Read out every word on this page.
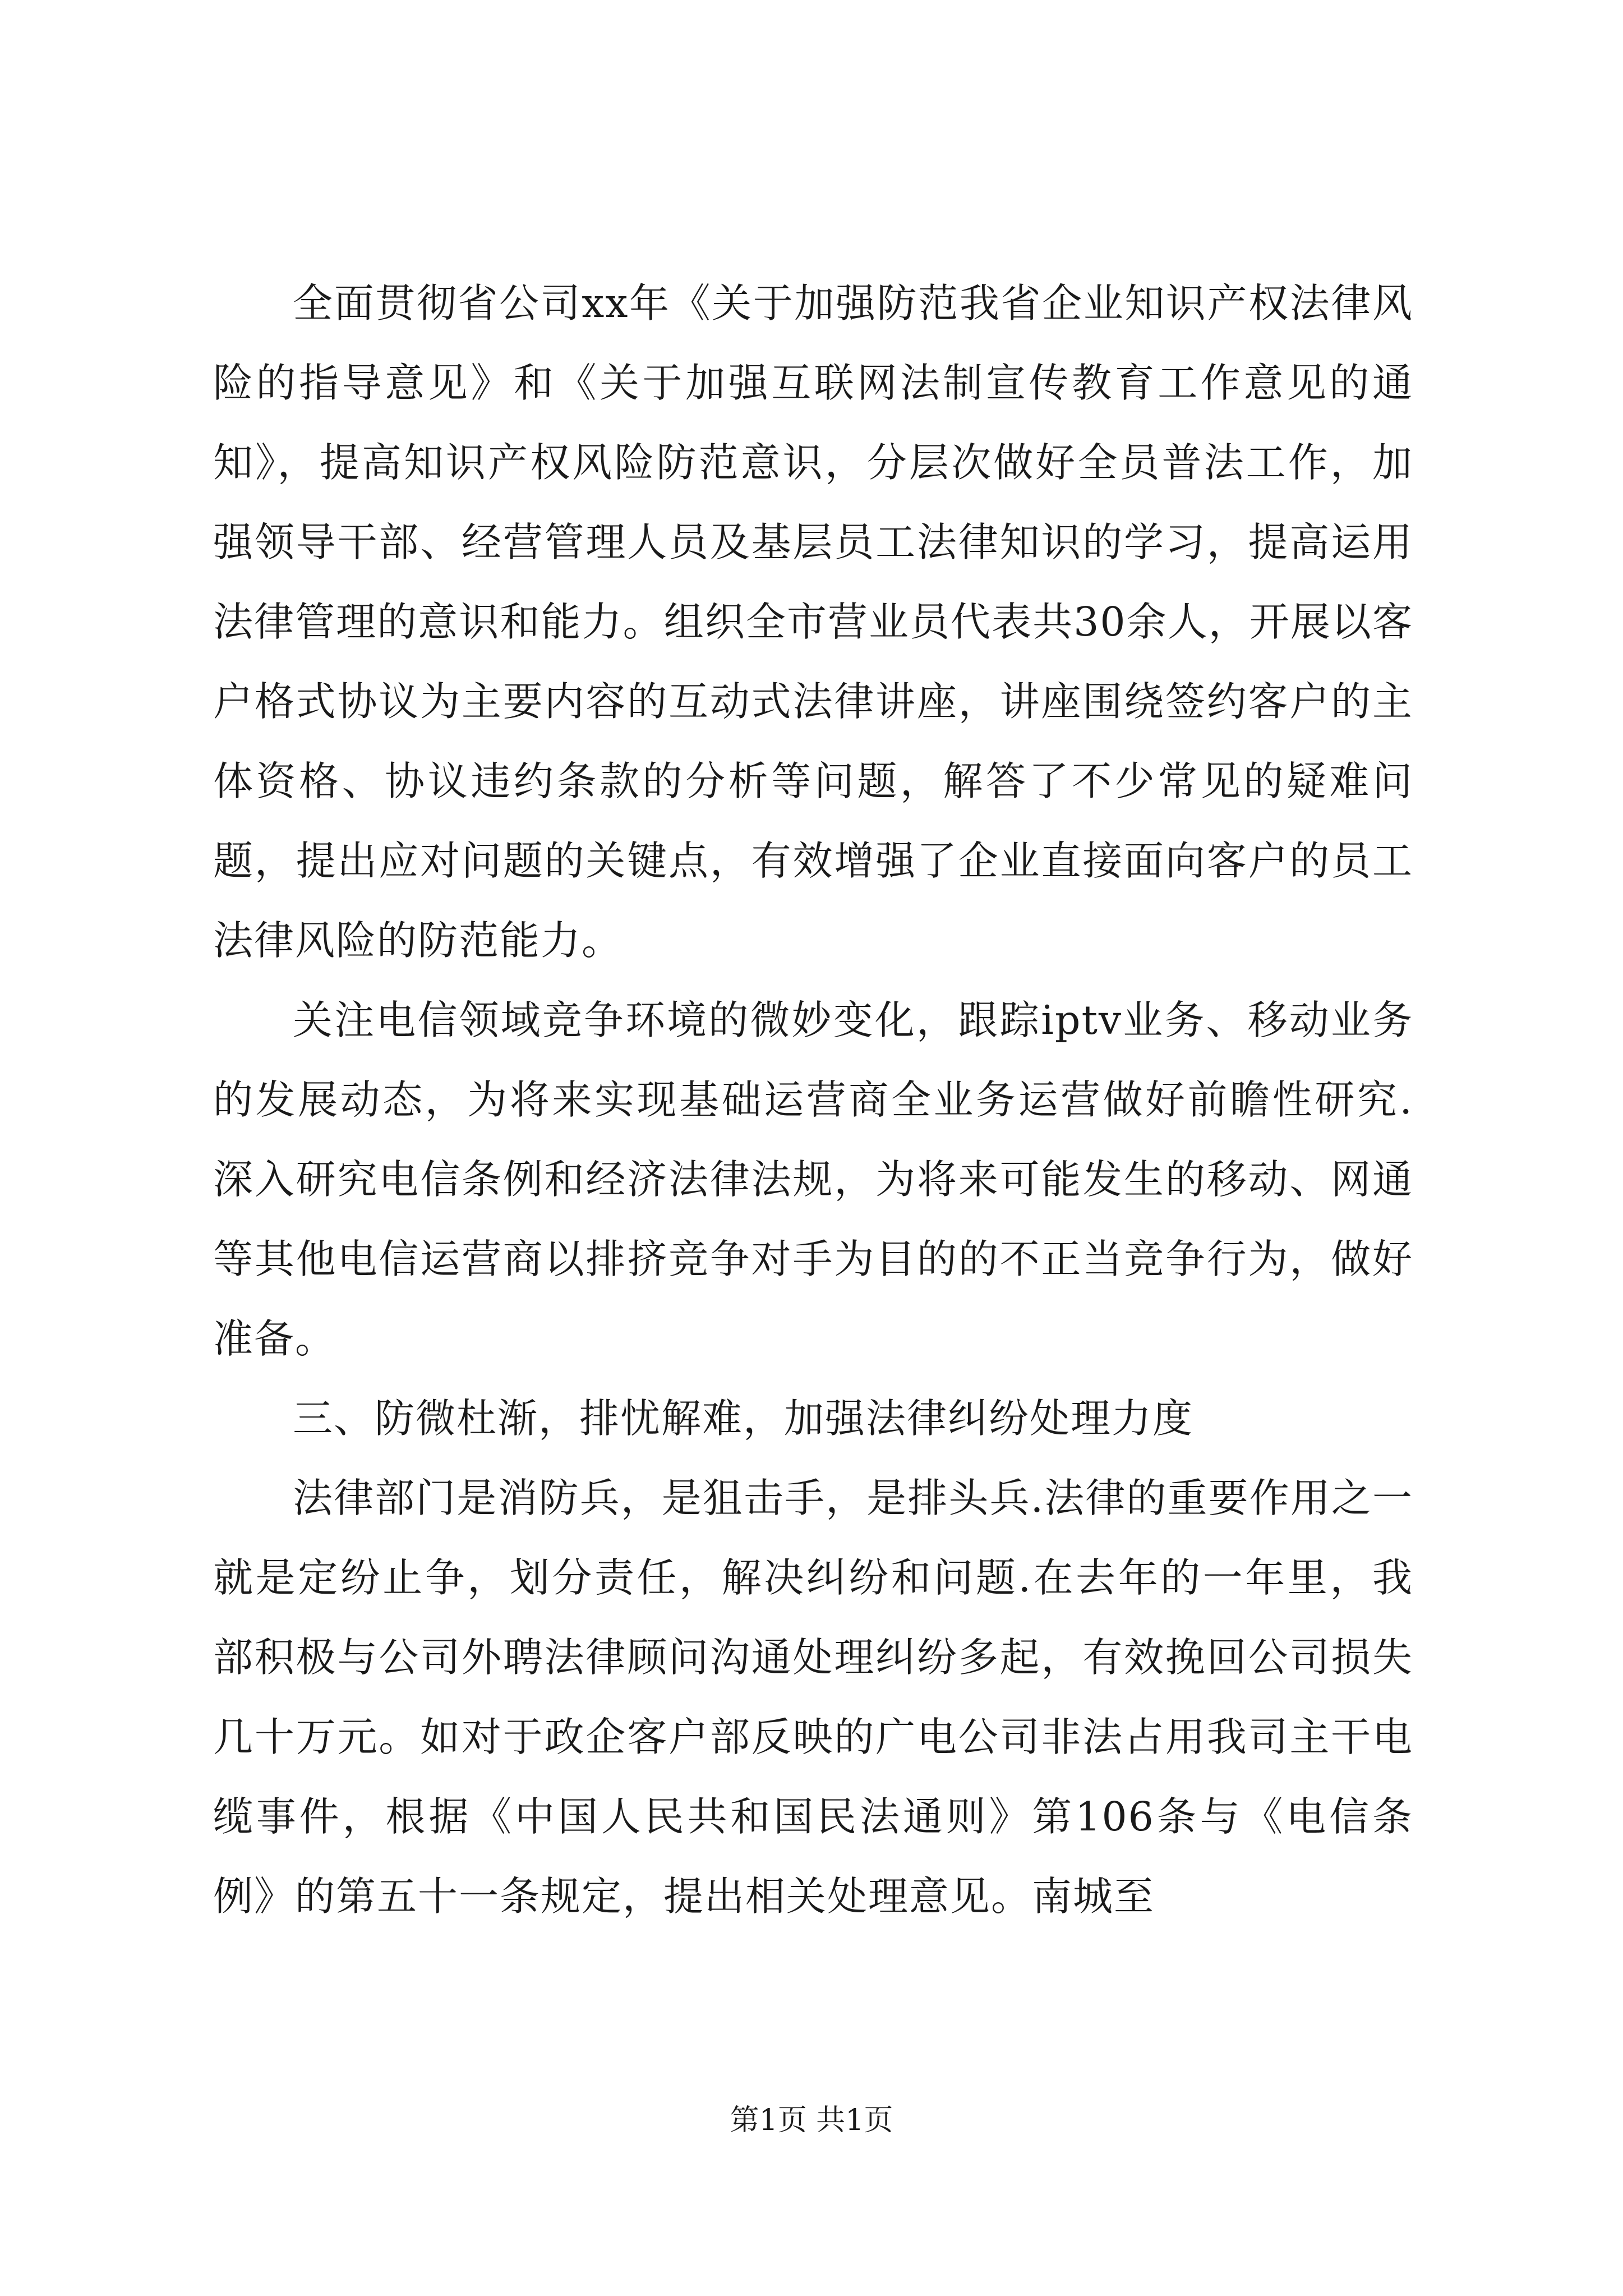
全面贯彻省公司xx年《关于加强防范我省企业知识产权法律风险的指导意见》和《关于加强互联网法制宣传教育工作意见的通知》，提高知识产权风险防范意识，分层次做好全员普法工作，加强领导干部、经营管理人员及基层员工法律知识的学习，提高运用法律管理的意识和能力。组织全市营业员代表共30余人，开展以客户格式协议为主要内容的互动式法律讲座，讲座围绕签约客户的主体资格、协议违约条款的分析等问题，解答了不少常见的疑难问题，提出应对问题的关键点，有效增强了企业直接面向客户的员工法律风险的防范能力。

关注电信领域竞争环境的微妙变化，跟踪iptv业务、移动业务的发展动态，为将来实现基础运营商全业务运营做好前瞻性研究.深入研究电信条例和经济法律法规，为将来可能发生的移动、网通等其他电信运营商以排挤竞争对手为目的的不正当竞争行为，做好准备。

三、防微杜渐，排忧解难，加强法律纠纷处理力度

法律部门是消防兵，是狙击手，是排头兵.法律的重要作用之一就是定纷止争，划分责任，解决纠纷和问题.在去年的一年里，我部积极与公司外聘法律顾问沟通处理纠纷多起，有效挽回公司损失几十万元。如对于政企客户部反映的广电公司非法占用我司主干电缆事件，根据《中国人民共和国民法通则》第106条与《电信条例》的第五十一条规定，提出相关处理意见。南城至

第1页 共1页
